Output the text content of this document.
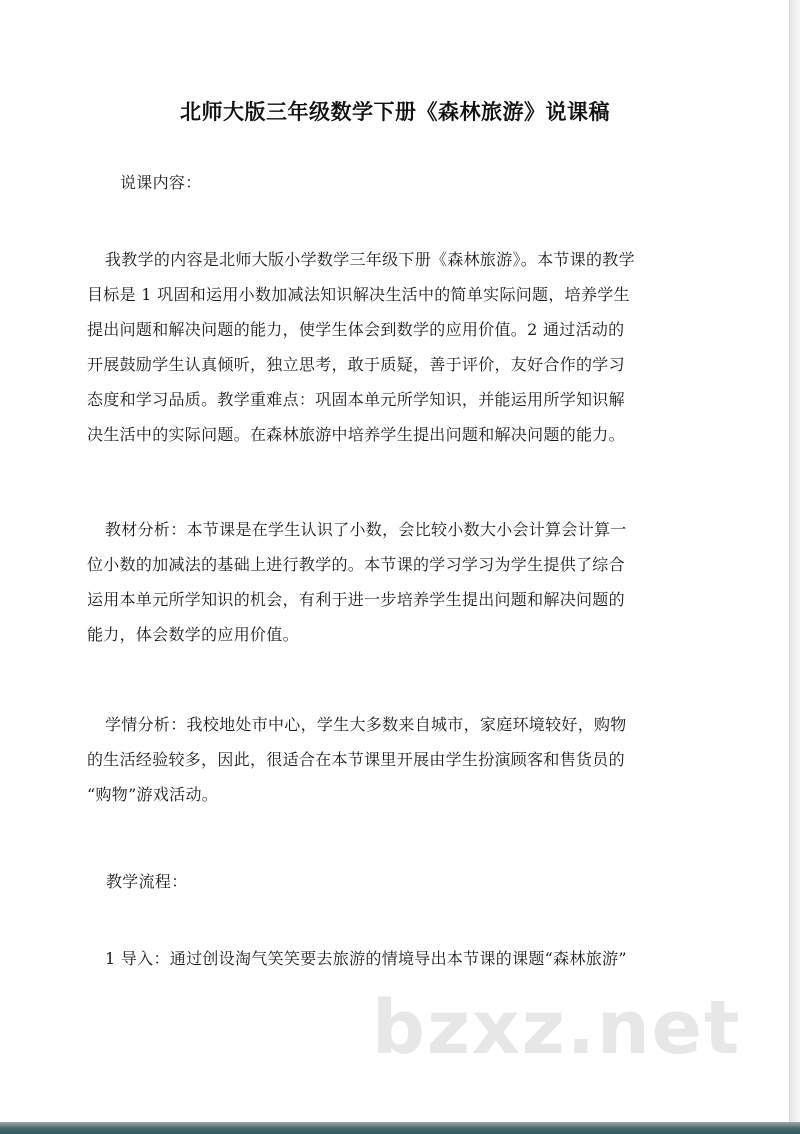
北师大版三年级数学下册《森林旅游》说课稿

说课内容：

我教学的内容是北师大版小学数学三年级下册《森林旅游》。本节课的教学
目标是 1 巩固和运用小数加减法知识解决生活中的简单实际问题，培养学生
提出问题和解决问题的能力，使学生体会到数学的应用价值。2 通过活动的
开展鼓励学生认真倾听，独立思考，敢于质疑，善于评价，友好合作的学习
态度和学习品质。教学重难点：巩固本单元所学知识，并能运用所学知识解
决生活中的实际问题。在森林旅游中培养学生提出问题和解决问题的能力。

教材分析：本节课是在学生认识了小数，会比较小数大小会计算会计算一
位小数的加减法的基础上进行教学的。本节课的学习学习为学生提供了综合
运用本单元所学知识的机会，有利于进一步培养学生提出问题和解决问题的
能力，体会数学的应用价值。

学情分析：我校地处市中心，学生大多数来自城市，家庭环境较好，购物
的生活经验较多，因此，很适合在本节课里开展由学生扮演顾客和售货员的
“购物”游戏活动。

教学流程：

1 导入：通过创设淘气笑笑要去旅游的情境导出本节课的课题“森林旅游”

bzxz.net
